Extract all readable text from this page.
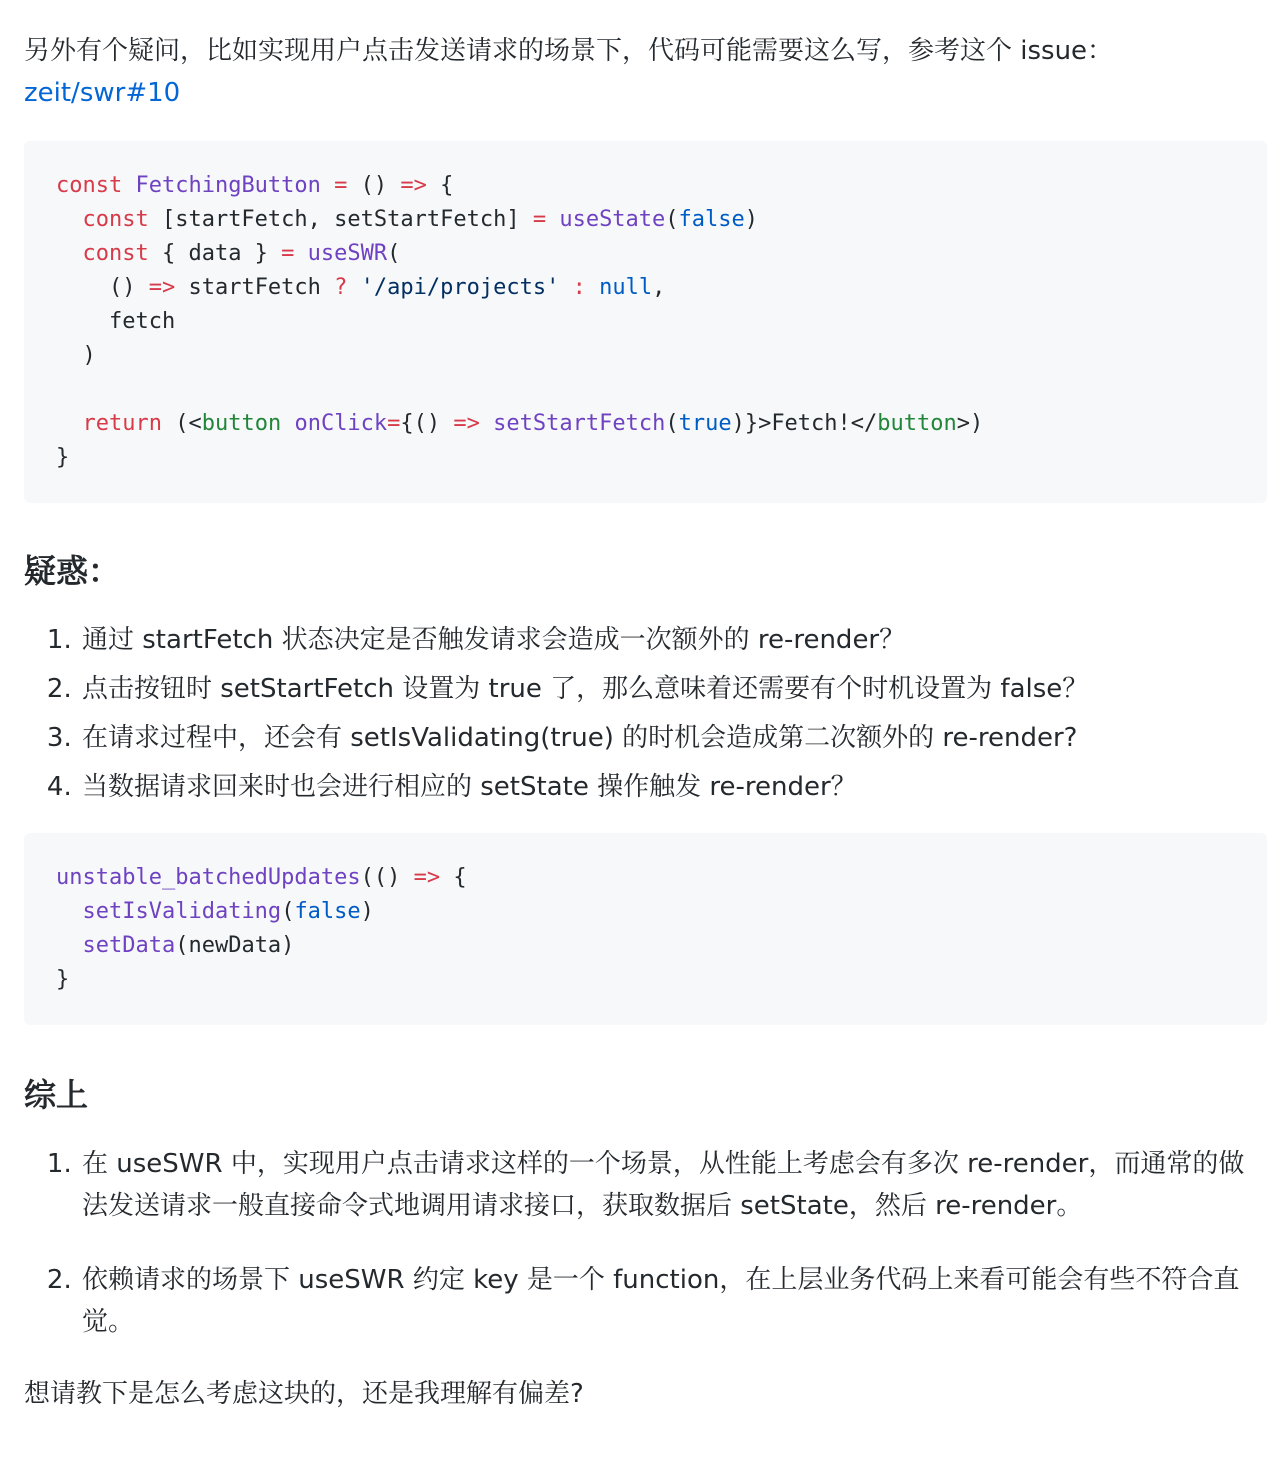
另外有个疑问，比如实现用户点击发送请求的场景下，代码可能需要这么写，参考这个 issue：
zeit/swr#10

const FetchingButton = () => {
const [startFetch, setStartFetch] = useState(false)
const { data } = useSWR(
() => startFetch ? '/api/projects' : null,
fetch
)

return (<button onClick={() => setStartFetch(true)}>Fetch!</button>)
}
疑惑：
1. 通过 startFetch 状态决定是否触发请求会造成一次额外的 re-render？
2. 点击按钮时 setStartFetch 设置为 true 了，那么意味着还需要有个时机设置为 false？
3. 在请求过程中，还会有 setIsValidating(true) 的时机会造成第二次额外的 re-render?
4. 当数据请求回来时也会进行相应的 setState 操作触发 re-render？
unstable_batchedUpdates(() => {
setIsValidating(false)
setData(newData)
}
综上
1. 在 useSWR 中，实现用户点击请求这样的一个场景，从性能上考虑会有多次 re-render，而通常的做法发送请求一般直接命令式地调用请求接口，获取数据后 setState，然后 re-render。
2. 依赖请求的场景下 useSWR 约定 key 是一个 function，在上层业务代码上来看可能会有些不符合直觉。

想请教下是怎么考虑这块的，还是我理解有偏差?
